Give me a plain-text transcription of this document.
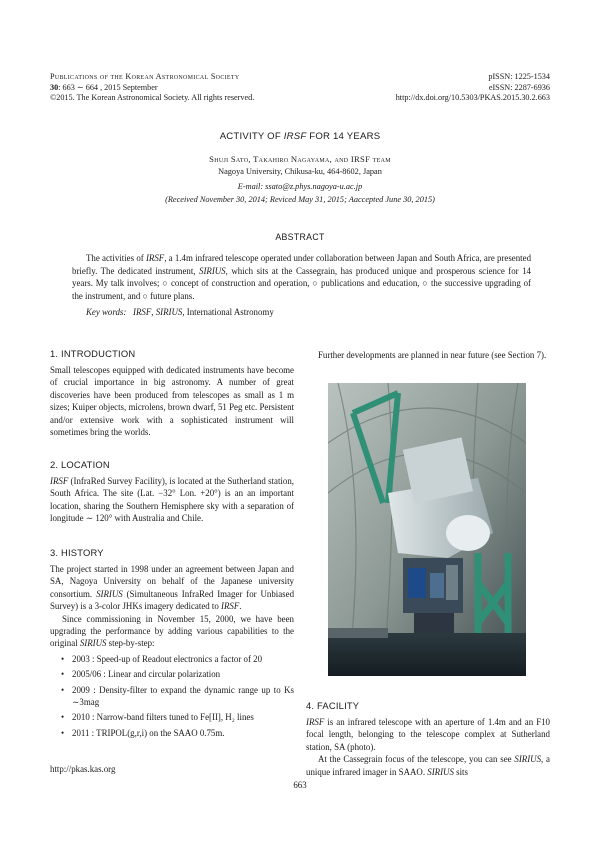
Publications of the Korean Astronomical Society
30: 663 ∼ 664 , 2015 September
©2015. The Korean Astronomical Society. All rights reserved.
pISSN: 1225-1534
eISSN: 2287-6936
http://dx.doi.org/10.5303/PKAS.2015.30.2.663
ACTIVITY OF IRSF FOR 14 YEARS
Shuji Sato, Takahiro Nagayama, and IRSF team
Nagoya University, Chikusa-ku, 464-8602, Japan
E-mail: ssato@z.phys.nagoya-u.ac.jp
(Received November 30, 2014; Reviced May 31, 2015; Aaccepted June 30, 2015)
ABSTRACT
The activities of IRSF, a 1.4m infrared telescope operated under collaboration between Japan and South Africa, are presented briefly. The dedicated instrument, SIRIUS, which sits at the Cassegrain, has produced unique and prosperous science for 14 years. My talk involves; ○ concept of construction and operation, ○ publications and education, ○ the successive upgrading of the instrument, and ○ future plans.
Key words: IRSF, SIRIUS, International Astronomy
1. INTRODUCTION

Small telescopes equipped with dedicated instruments have become of crucial importance in big astronomy. A number of great discoveries have been produced from telescopes as small as 1 m sizes; Kuiper objects, microlens, brown dwarf, 51 Peg etc. Persistent and/or extensive work with a sophisticated instrument will sometimes bring the worlds.

2. LOCATION

IRSF (InfraRed Survey Facility), is located at the Sutherland station, South Africa. The site (Lat. −32° Lon. +20°) is an an important location, sharing the Southern Hemisphere sky with a separation of longitude ∼ 120° with Australia and Chile.

3. HISTORY

The project started in 1998 under an agreement between Japan and SA, Nagoya University on behalf of the Japanese university consortium. SIRIUS (Simultaneous InfraRed Imager for Unbiased Survey) is a 3-color JHKs imagery dedicated to IRSF.

Since commissioning in November 15, 2000, we have been upgrading the performance by adding various capabilities to the original SIRIUS step-by-step:

• 2003 : Speed-up of Readout electronics a factor of 20
• 2005/06 : Linear and circular polarization
• 2009 : Density-filter to expand the dynamic range up to Ks ∼3mag
• 2010 : Narrow-band filters tuned to Fe[II], H₂ lines
• 2011 : TRIPOL(g,r,i) on the SAAO 0.75m.
http://pkas.kas.org
Further developments are planned in near future (see Section 7).
4. FACILITY

IRSF is an infrared telescope with an aperture of 1.4m and an F10 focal length, belonging to the telescope complex at Sutherland station, SA (photo).

At the Cassegrain focus of the telescope, you can see SIRIUS, a unique infrared imager in SAAO. SIRIUS sits

663
